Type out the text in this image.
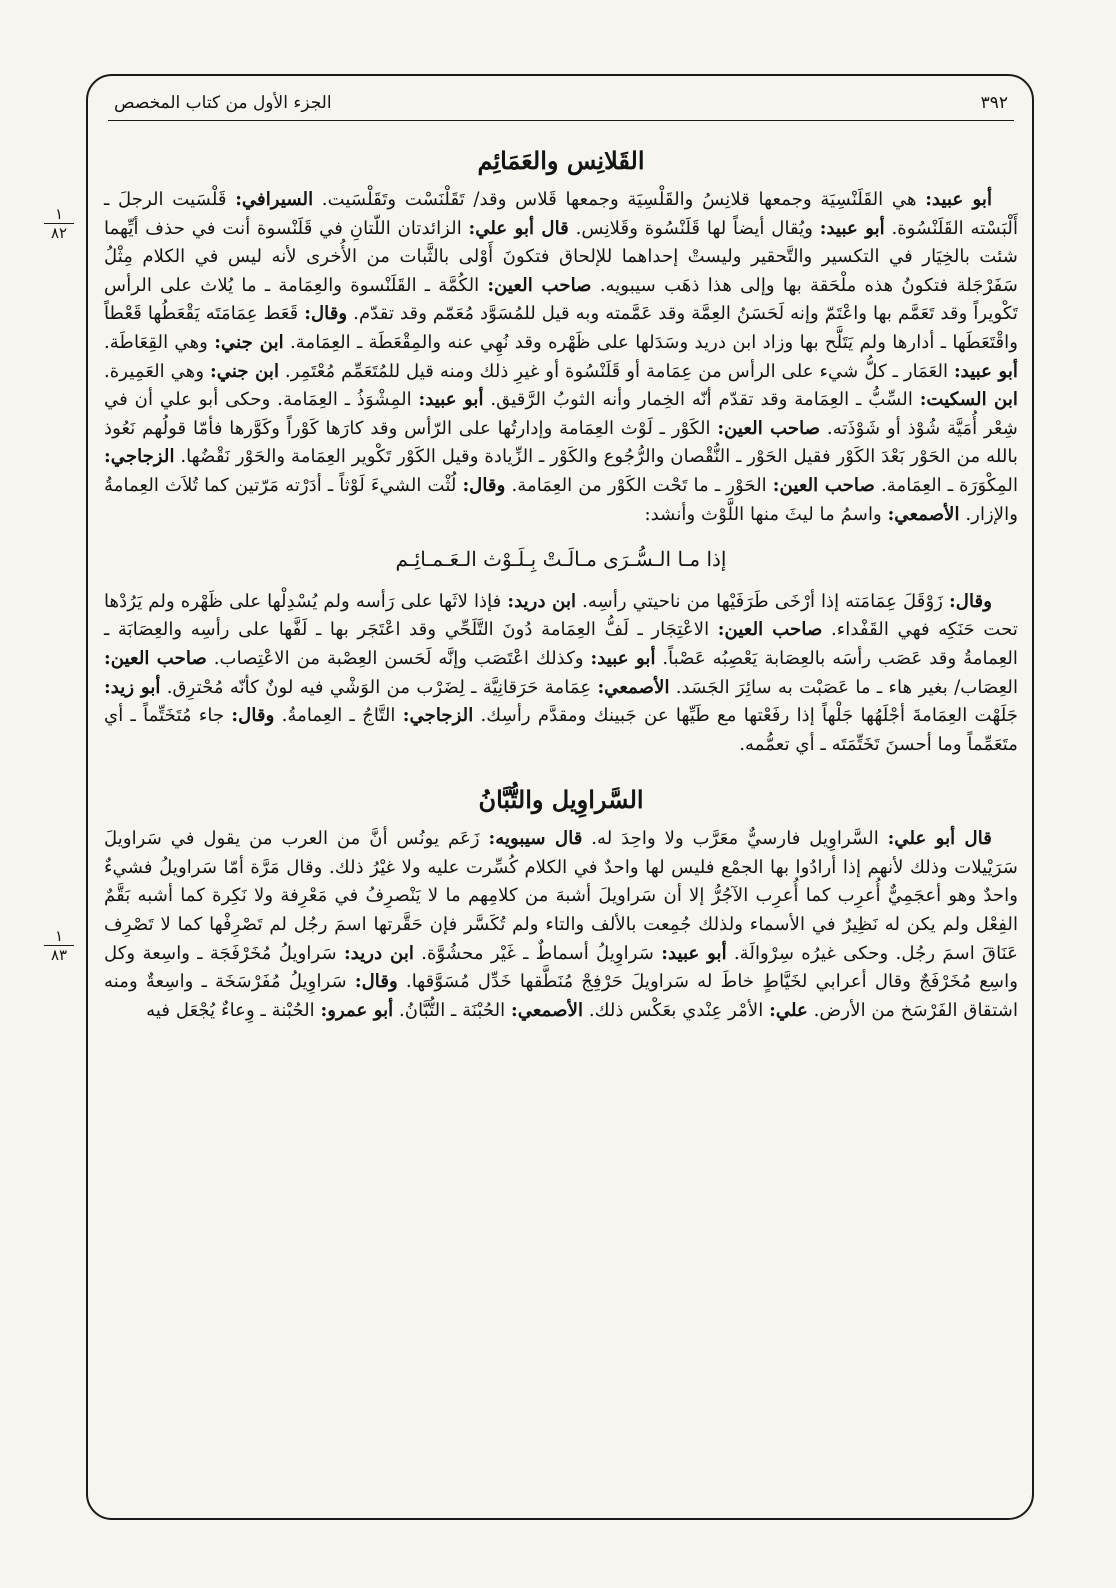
٣٩٢
الجزء الأول من كتاب المخصص
١
٨٢
١
٨٣
القَلانِس والعَمَائِم

أبو عبيد: هي القَلَنْسِيَة وجمعها قلانِسُ والقَلْسِيَة وجمعها قَلاس وقد/ تَقَلْنَسْت وتَقَلْسَيت. السيرافي: قَلْسَيت الرجلَ ـ أَلْبَسْته القَلَنْسُوة. أبو عبيد: ويُقال أيضاً لها قَلَنْسُوة وقَلانِس. قال أبو علي: الزائدتان اللّتانِ في قَلَنْسوة أنت في حذف أيِّهما شئت بالخِيَار في التكسير والتَّحقير وليستْ إحداهما للإلحاق فتكونَ أَوْلى بالثَّبات من الأُخرى لأنه ليس في الكلام مِثْلُ سَفَرْجَلة فتكونُ هذه ملْحَقة بها وإلى هذا ذهَب سيبويه. صاحب العين: الكُمَّة ـ القَلَنْسوة والعِمَامة ـ ما يُلاث على الرأس تَكْويراً وقد تَعَمَّم بها واعْتَمّ وإنه لَحَسَنُ العِمَّة وقد عَمَّمته وبه قيل للمُسَوَّد مُعَمّم وقد تقدّم. وقال: قَعَط عِمَامَتَه يَقْعَطُها قَعْطاً واقْتَعَطَها ـ أدارها ولم يَتَلَّح بها وزاد ابن دريد وسَدَلها على ظَهْره وقد نُهِي عنه والمِقْعَطَة ـ العِمَامة. ابن جني: وهي القِعَاطَة. أبو عبيد: العَمَار ـ كلُّ شيء على الرأس من عِمَامة أو قَلَنْسُوة أو غيرِ ذلك ومنه قيل للمُتَعَمِّم مُعْتَمِر. ابن جني: وهي العَمِيرة. ابن السكيت: السِّبُّ ـ العِمَامة وقد تقدّم أنّه الخِمار وأنه الثوبُ الرَّقيق. أبو عبيد: المِشْوَذُ ـ العِمَامة. وحكى أبو علي أن في شِعْر أُمَيَّة شُوْذ أو شَوْذَته. صاحب العين: الكَوْر ـ لَوْث العِمَامة وإدارتُها على الرّأس وقد كارَها كَوْراً وكَوَّرها فأمّا قولُهم نَعُوذ بالله من الحَوْر بَعْدَ الكَوْر فقيل الحَوْر ـ النُّقْصان والرُّجُوع والكَوْر ـ الزِّيادة وقيل الكَوْر تَكْوير العِمَامة والحَوْر نَقْضُها. الزجاجي: المِكْوَرَة ـ العِمَامة. صاحب العين: الحَوْر ـ ما تَحْت الكَوْر من العِمَامة. وقال: لُثْت الشيءَ لَوْثاً ـ أدَرْته مَرّتين كما تُلاَث العِمامةُ والإزار. الأصمعي: واسمُ ما ليثَ منها اللَّوْث وأنشد:

إذا مـا الـسُّـرَى مـالَـتْ بِـلَـوْث الـعَـمـائِـم

وقال: زَوْقَلَ عِمَامَته إذا أرْخَى طَرَفَيْها من ناحيتي رأسِه. ابن دريد: فإذا لاثَها على رَأسه ولم يُسْدِلْها على ظَهْره ولم يَرُدْها تحت حَنَكِه فهي القَفْداء. صاحب العين: الاعْتِجَار ـ لَفُّ العِمَامة دُونَ التَّلَحِّي وقد اعْتَجَر بها ـ لَفَّها على رأسِه والعِصَابَة ـ العِمامةُ وقد عَصَب رأسَه بالعِصَابة يَعْصِبُه عَصْباً. أبو عبيد: وكذلك اعْتَصَب وإنَّه لَحَسن العِصْبة من الاعْتِصاب. صاحب العين: العِصَاب/ بغير هاء ـ ما عَصَبْت به سائِرَ الجَسَد. الأصمعي: عِمَامة حَرَقانِيَّة ـ لِضَرْب من الوَشْي فيه لونٌ كأنّه مُحْترِق. أبو زيد: جَلَهْت العِمَامةَ أجْلَهُها جَلْهاً إذا رفَعْتها مع طَيِّها عن جَبينك ومقدَّم رأسِك. الزجاجي: التَّاجُ ـ العِمامةُ. وقال: جاء مُتَخَتِّماً ـ أي متَعَمِّماً وما أحسنَ تَخَتِّمَتَه ـ أي تعمُّمه.

السَّراوِيل والتُّبَّانُ

قال أبو علي: السَّراوِيل فارسيٌّ معَرَّب ولا واحِدَ له. قال سيبويه: زَعَم يونُس أنَّ من العرب من يقول في سَراويلَ سَرَيْيلات وذلك لأنهم إذا أرادُوا بها الجمْع فليس لها واحدٌ في الكلام كُسِّرت عليه ولا غيْرُ ذلك. وقال مَرَّة أمّا سَراويلُ فشيءٌ واحدٌ وهو أعجَمِيٌّ أُعرِب كما أُعرِب الآجُرُّ إلا أن سَراويلَ أشبهَ من كلامِهم ما لا يَنْصرِفُ في مَعْرِفة ولا نَكِرة كما أشبه بَقَّمٌ الفِعْل ولم يكن له نَظِيرٌ في الأسماء ولذلك جُمِعت بالألف والتاء ولم تُكَسَّر فإن حَقَّرتها اسمَ رجُل لم تَصْرِفْها كما لا تَصْرِف عَنَاقَ اسمَ رجُل. وحكى غيرُه سِرْوالَة. أبو عبيد: سَراوِيلُ أسماطٌ ـ غَيْر محشُوَّة. ابن دريد: سَراويلُ مُخَرْفَجَة ـ واسِعة وكل واسِع مُخَرْفَجٌ وقال أعرابي لخَيَّاطٍ خاطَ له سَراويلَ حَرْفِجْ مُنَطَّقها خَدِّل مُسَوَّقها. وقال: سَراوِيلُ مُفَرْسَخَة ـ واسِعةٌ ومنه اشتقاق الفَرْسَخ من الأرض. علي: الأمْر عِنْدي بعَكْس ذلك. الأصمعي: الحُبْنَة ـ التُّبَّانُ. أبو عمرو: الحُبْنة ـ وِعاءٌ يُجْعَل فيه
